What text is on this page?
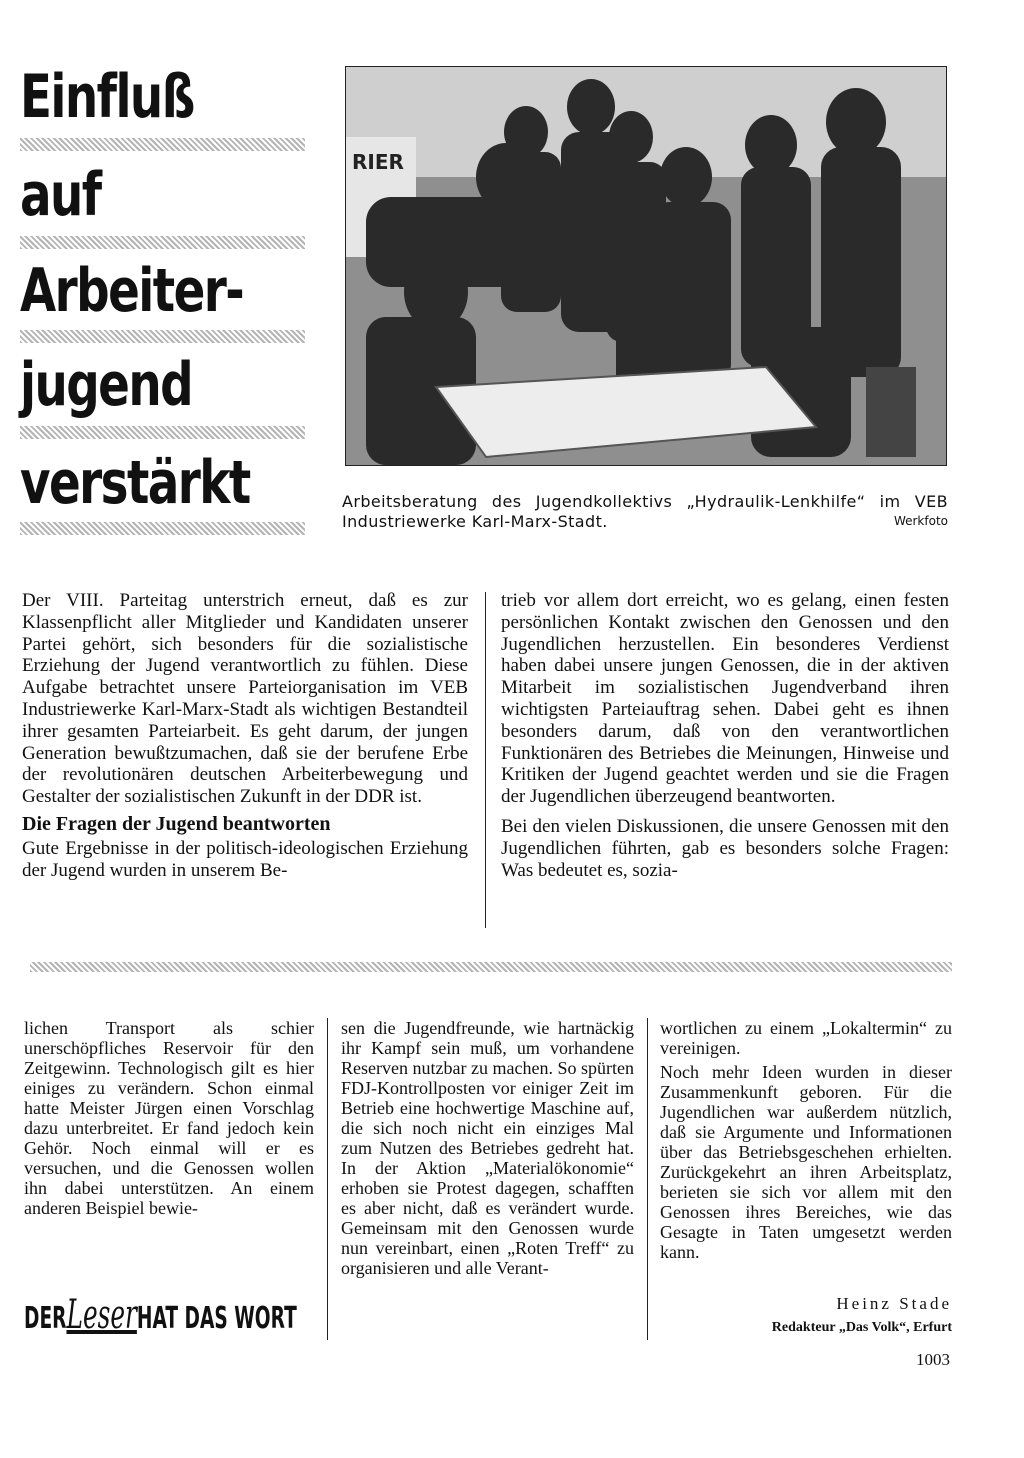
Einfluß
auf
Arbeiter-
jugend
verstärkt
RIER
Arbeitsberatung des Jugendkollektivs „Hydraulik-Lenkhilfe“ im VEB Industriewerke Karl-Marx-Stadt.	Werkfoto

Der VIII. Parteitag unterstrich erneut, daß es zur Klassenpflicht aller Mitglieder und Kandidaten unserer Partei gehört, sich besonders für die sozialistische Erziehung der Jugend verantwortlich zu fühlen. Diese Aufgabe betrachtet unsere Parteiorganisation im VEB Industriewerke Karl-Marx-Stadt als wichtigen Bestandteil ihrer gesamten Parteiarbeit. Es geht darum, der jungen Generation bewußtzumachen, daß sie der berufene Erbe der revolutionären deutschen Arbeiterbewegung und Gestalter der sozialistischen Zukunft in der DDR ist.

Die Fragen der Jugend beantworten

Gute Ergebnisse in der politisch-ideologischen Erziehung der Jugend wurden in unserem Be-

trieb vor allem dort erreicht, wo es gelang, einen festen persönlichen Kontakt zwischen den Genossen und den Jugendlichen herzustellen. Ein besonderes Verdienst haben dabei unsere jungen Genossen, die in der aktiven Mitarbeit im sozialistischen Jugendverband ihren wichtigsten Parteiauftrag sehen. Dabei geht es ihnen besonders darum, daß von den verantwortlichen Funktionären des Betriebes die Meinungen, Hinweise und Kritiken der Jugend geachtet werden und sie die Fragen der Jugendlichen überzeugend beantworten.

Bei den vielen Diskussionen, die unsere Genossen mit den Jugendlichen führten, gab es besonders solche Fragen: Was bedeutet es, sozia-

lichen Transport als schier unerschöpfliches Reservoir für den Zeitgewinn. Technologisch gilt es hier einiges zu verändern. Schon einmal hatte Meister Jürgen einen Vorschlag dazu unterbreitet. Er fand jedoch kein Gehör. Noch einmal will er es versuchen, und die Genossen wollen ihn dabei unterstützen. An einem anderen Beispiel bewie-

sen die Jugendfreunde, wie hartnäckig ihr Kampf sein muß, um vorhandene Reserven nutzbar zu machen. So spürten FDJ-Kontrollposten vor einiger Zeit im Betrieb eine hochwertige Maschine auf, die sich noch nicht ein einziges Mal zum Nutzen des Betriebes gedreht hat. In der Aktion „Materialökonomie“ erhoben sie Protest dagegen, schafften es aber nicht, daß es verändert wurde. Gemeinsam mit den Genossen wurde nun vereinbart, einen „Roten Treff“ zu organisieren und alle Verant-

wortlichen zu einem „Lokaltermin“ zu vereinigen.

Noch mehr Ideen wurden in dieser Zusammenkunft geboren. Für die Jugendlichen war außerdem nützlich, daß sie Argumente und Informationen über das Betriebsgeschehen erhielten. Zurückgekehrt an ihren Arbeitsplatz, berieten sie sich vor allem mit den Genossen ihres Bereiches, wie das Gesagte in Taten umgesetzt werden kann.

Heinz Stade
Redakteur „Das Volk“, Erfurt
DERLeserHAT DAS WORT
1003
